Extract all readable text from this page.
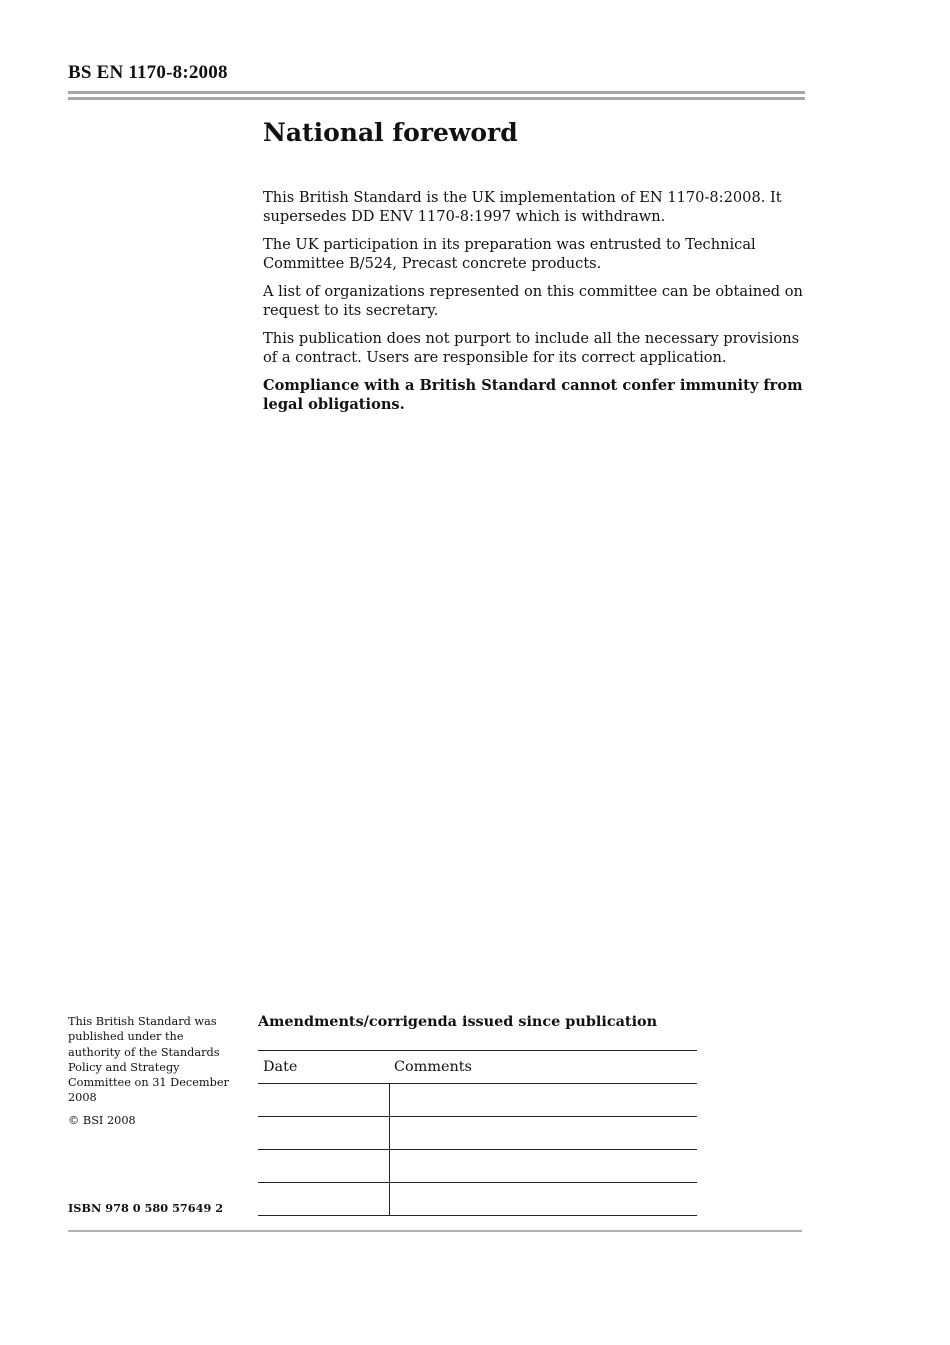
BS EN 1170-8:2008
National foreword

This British Standard is the UK implementation of EN 1170-8:2008. It supersedes DD ENV 1170-8:1997 which is withdrawn.

The UK participation in its preparation was entrusted to Technical Committee B/524, Precast concrete products.

A list of organizations represented on this committee can be obtained on request to its secretary.

This publication does not purport to include all the necessary provisions of a contract. Users are responsible for its correct application.

Compliance with a British Standard cannot confer immunity from legal obligations.

This British Standard was published under the authority of the Standards Policy and Strategy Committee on 31 December 2008

© BSI 2008

ISBN 978 0 580 57649 2
Amendments/corrigenda issued since publication
Date	Comments
